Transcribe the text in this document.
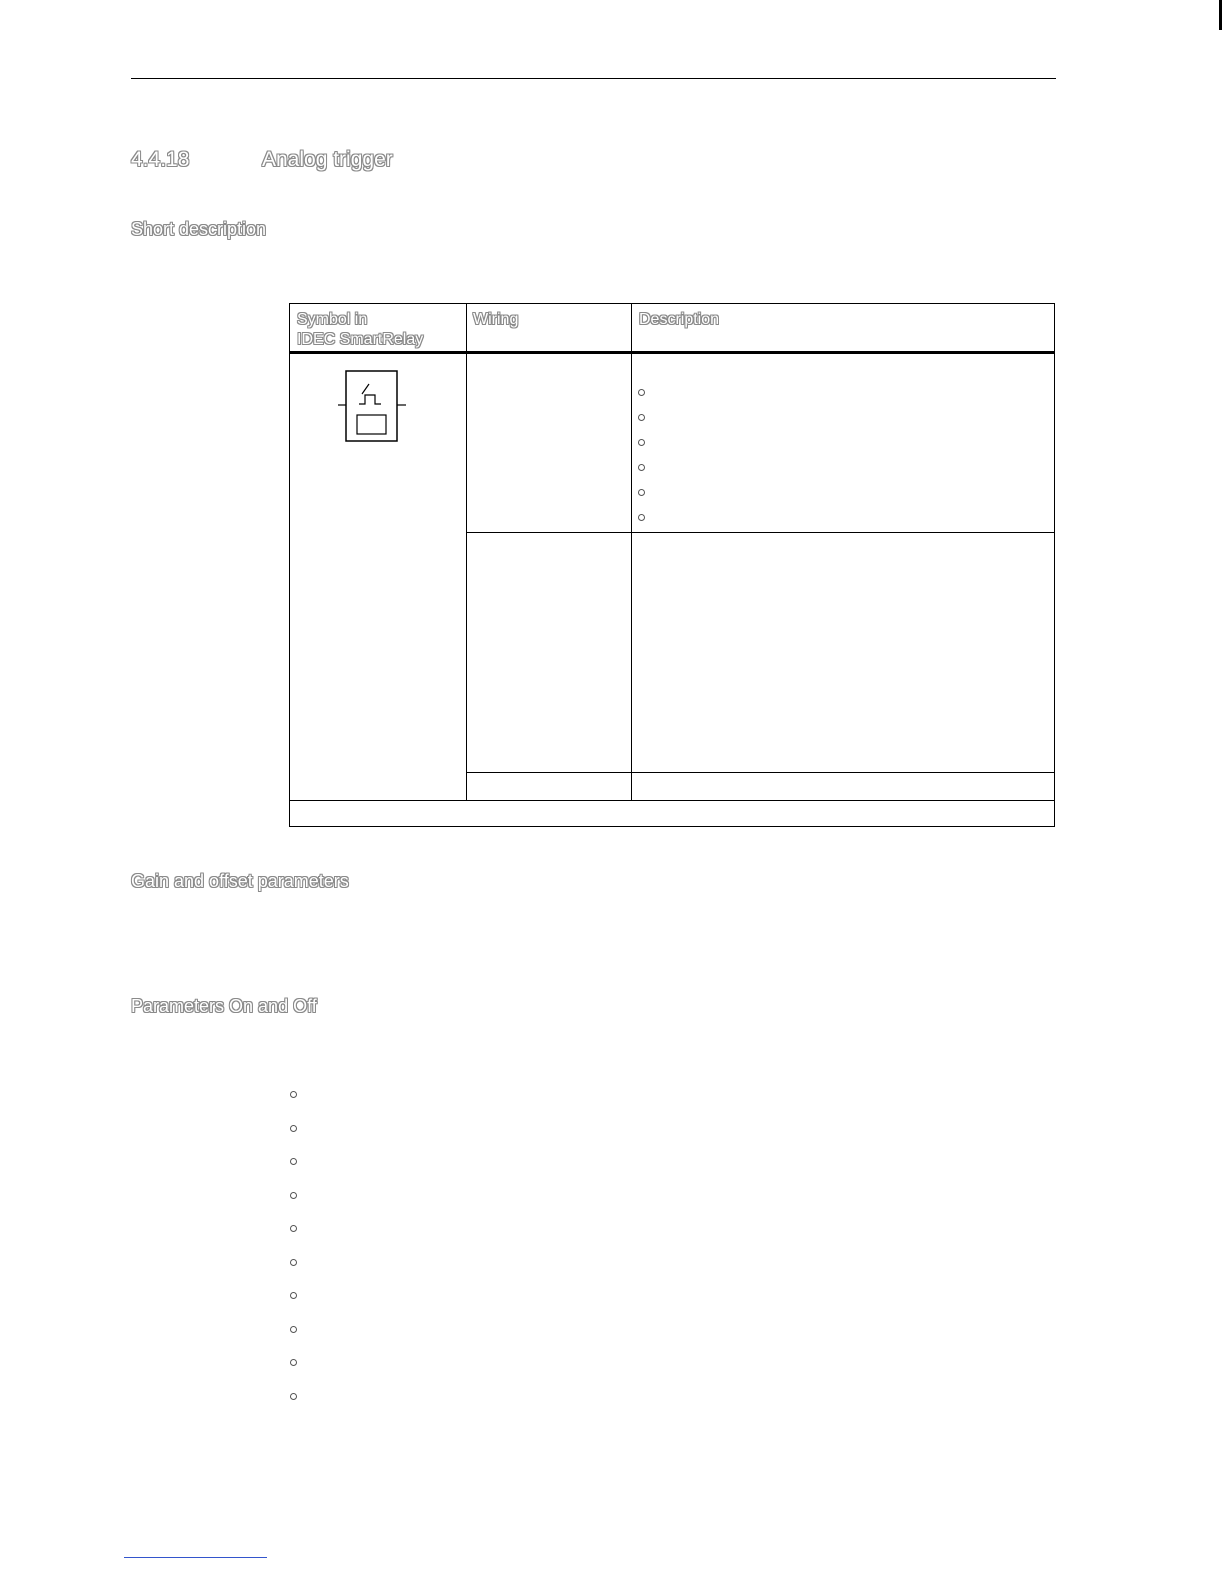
4.4.18	Analog trigger
Short description
Symbol in
IDEC SmartRelay
Wiring	Description
Gain and offset parameters
Parameters On and Off
